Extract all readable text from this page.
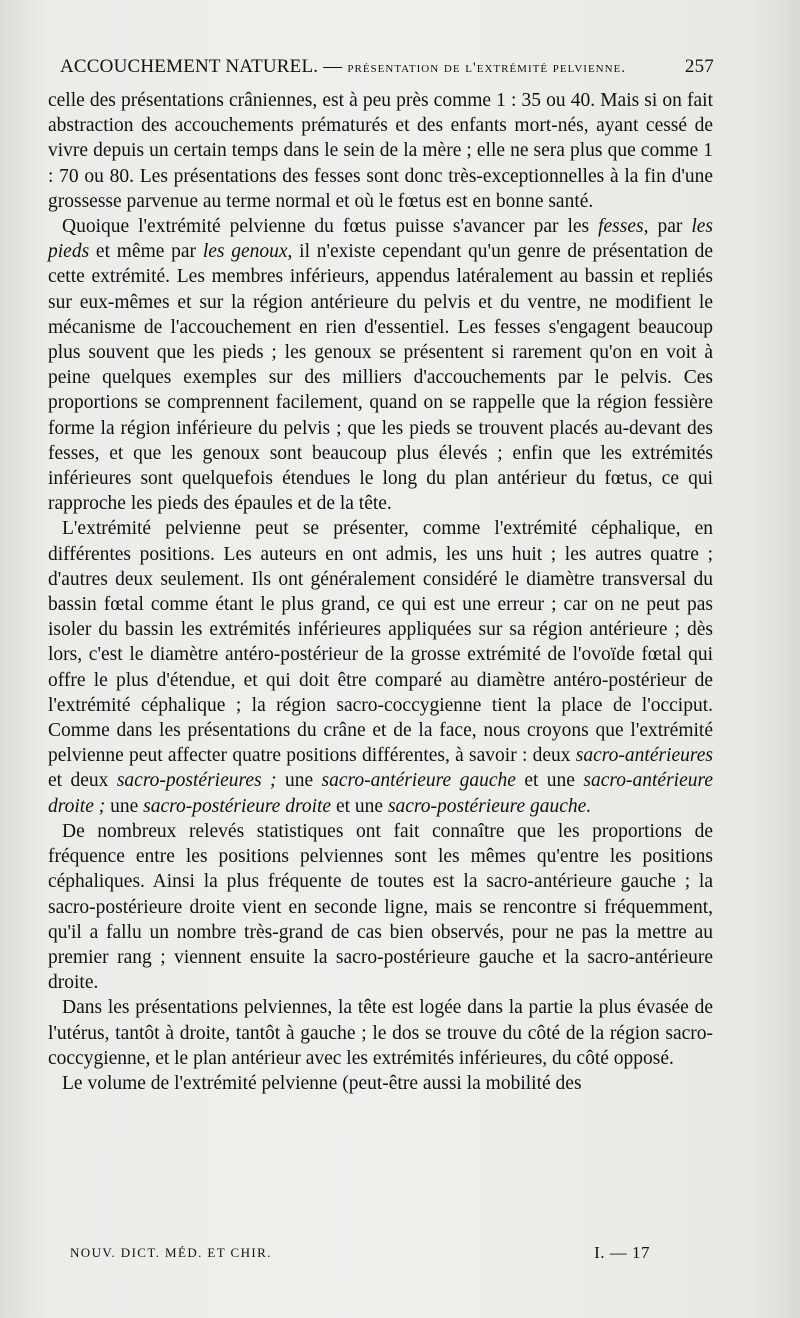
ACCOUCHEMENT NATUREL. — présentation de l'extrémité pelvienne.	257

celle des présentations crâniennes, est à peu près comme 1 : 35 ou 40. Mais si on fait abstraction des accouchements prématurés et des enfants mort-nés, ayant cessé de vivre depuis un certain temps dans le sein de la mère ; elle ne sera plus que comme 1 : 70 ou 80. Les présentations des fesses sont donc très-exceptionnelles à la fin d'une grossesse parvenue au terme normal et où le fœtus est en bonne santé.

Quoique l'extrémité pelvienne du fœtus puisse s'avancer par les fesses, par les pieds et même par les genoux, il n'existe cependant qu'un genre de présentation de cette extrémité. Les membres inférieurs, appendus latéralement au bassin et repliés sur eux-mêmes et sur la région antérieure du pelvis et du ventre, ne modifient le mécanisme de l'accouchement en rien d'essentiel. Les fesses s'engagent beaucoup plus souvent que les pieds ; les genoux se présentent si rarement qu'on en voit à peine quelques exemples sur des milliers d'accouchements par le pelvis. Ces proportions se comprennent facilement, quand on se rappelle que la région fessière forme la région inférieure du pelvis ; que les pieds se trouvent placés au-devant des fesses, et que les genoux sont beaucoup plus élevés ; enfin que les extrémités inférieures sont quelquefois étendues le long du plan antérieur du fœtus, ce qui rapproche les pieds des épaules et de la tête.

L'extrémité pelvienne peut se présenter, comme l'extrémité céphalique, en différentes positions. Les auteurs en ont admis, les uns huit ; les autres quatre ; d'autres deux seulement. Ils ont généralement considéré le diamètre transversal du bassin fœtal comme étant le plus grand, ce qui est une erreur ; car on ne peut pas isoler du bassin les extrémités inférieures appliquées sur sa région antérieure ; dès lors, c'est le diamètre antéro-postérieur de la grosse extrémité de l'ovoïde fœtal qui offre le plus d'étendue, et qui doit être comparé au diamètre antéro-postérieur de l'extrémité céphalique ; la région sacro-coccygienne tient la place de l'occiput. Comme dans les présentations du crâne et de la face, nous croyons que l'extrémité pelvienne peut affecter quatre positions différentes, à savoir : deux sacro-antérieures et deux sacro-postérieures ; une sacro-antérieure gauche et une sacro-antérieure droite ; une sacro-postérieure droite et une sacro-postérieure gauche.

De nombreux relevés statistiques ont fait connaître que les proportions de fréquence entre les positions pelviennes sont les mêmes qu'entre les positions céphaliques. Ainsi la plus fréquente de toutes est la sacro-antérieure gauche ; la sacro-postérieure droite vient en seconde ligne, mais se rencontre si fréquemment, qu'il a fallu un nombre très-grand de cas bien observés, pour ne pas la mettre au premier rang ; viennent ensuite la sacro-postérieure gauche et la sacro-antérieure droite.

Dans les présentations pelviennes, la tête est logée dans la partie la plus évasée de l'utérus, tantôt à droite, tantôt à gauche ; le dos se trouve du côté de la région sacro-coccygienne, et le plan antérieur avec les extrémités inférieures, du côté opposé.

Le volume de l'extrémité pelvienne (peut-être aussi la mobilité des

NOUV. DICT. MÉD. ET CHIR.	I. — 17
